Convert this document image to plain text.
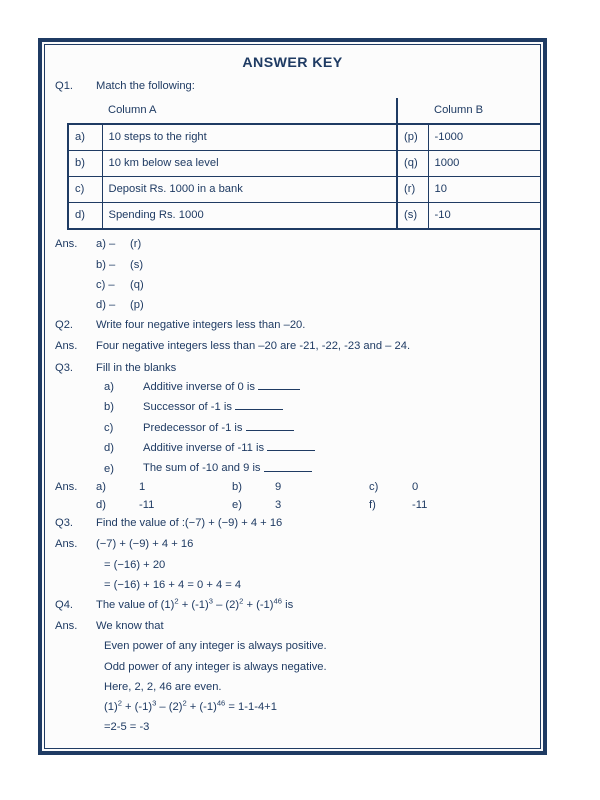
ANSWER KEY
Q1.	Match the following:
	Column A		Column B
a)	10 steps to the right	(p)	-1000
b)	10 km below sea level	(q)	1000
c)	Deposit Rs. 1000 in a bank	(r)	10
d)	Spending Rs. 1000	(s)	-10
Ans.	a) –	(r)
b) –	(s)
c) –	(q)
d) –	(p)
Q2.	Write four negative integers less than –20.
Ans.	Four negative integers less than –20 are -21, -22, -23 and – 24.
Q3.	Fill in the blanks
a)	Additive inverse of 0 is
b)	Successor of -1 is
c)	Predecessor of -1 is
d)	Additive inverse of -11 is
e)	The sum of -10 and 9 is
Ans.	a)	1	b)	9	c)	0
d)	-11	e)	3	f)	-11
Q3.	Find the value of :(−7) + (−9) + 4 + 16
Ans.	(−7) + (−9) + 4 + 16
= (−16) + 20
= (−16) + 16 + 4 = 0 + 4 = 4
Q4.	The value of $(1)^2 + (-1)^3 - (2)^2 + (-1)^{46}$ is
Ans.	We know that
Even power of any integer is always positive.
Odd power of any integer is always negative.
Here, 2, 2, 46 are even.
$(1)^2 + (-1)^3 - (2)^2 + (-1)^{46} = 1-1-4+1$
=2-5 = -3
